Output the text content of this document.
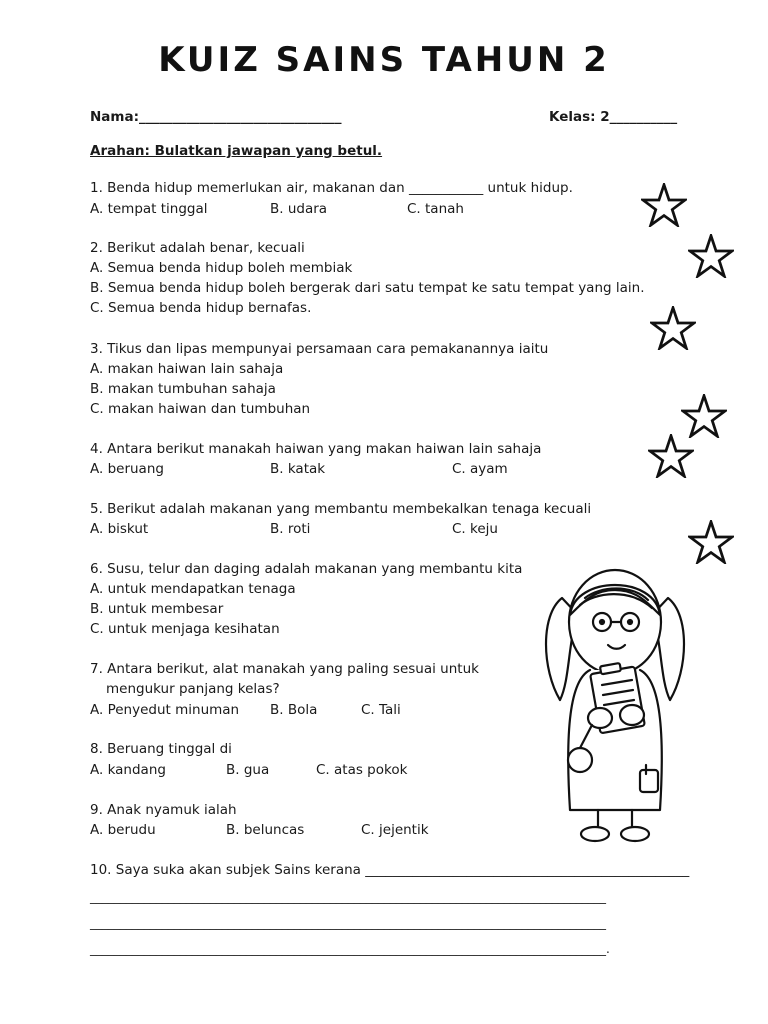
KUIZ SAINS TAHUN 2
Nama:______________________________	Kelas: 2__________
Arahan: Bulatkan jawapan yang betul.
1. Benda hidup memerlukan air, makanan dan ___________ untuk hidup.
A. tempat tinggal	B. udara	C. tanah
2. Berikut adalah benar, kecuali
A. Semua benda hidup boleh membiak
B. Semua benda hidup boleh bergerak dari satu tempat ke satu tempat yang lain.
C. Semua benda hidup bernafas.
3. Tikus dan lipas mempunyai persamaan cara pemakanannya iaitu
A. makan haiwan lain sahaja
B. makan tumbuhan sahaja
C. makan haiwan dan tumbuhan
4. Antara berikut manakah haiwan yang makan haiwan lain sahaja
A. beruang	B. katak	C. ayam
5. Berikut adalah makanan yang membantu membekalkan tenaga kecuali
A. biskut	B. roti	C. keju
6. Susu, telur dan daging adalah makanan yang membantu kita
A. untuk mendapatkan tenaga
B. untuk membesar
C. untuk menjaga kesihatan
7. Antara berikut, alat manakah yang paling sesuai untuk
mengukur panjang kelas?
A. Penyedut minuman B. Bola	C. Tali
8. Beruang tinggal di
A. kandang	B. gua	C. atas pokok
9. Anak nyamuk ialah
A. berudu	B. beluncas	C. jejentik
10. Saya suka akan subjek Sains kerana ________________________________________________
______________________________________________________________________________________
______________________________________________________________________________________
______________________________________________________________________________________.
